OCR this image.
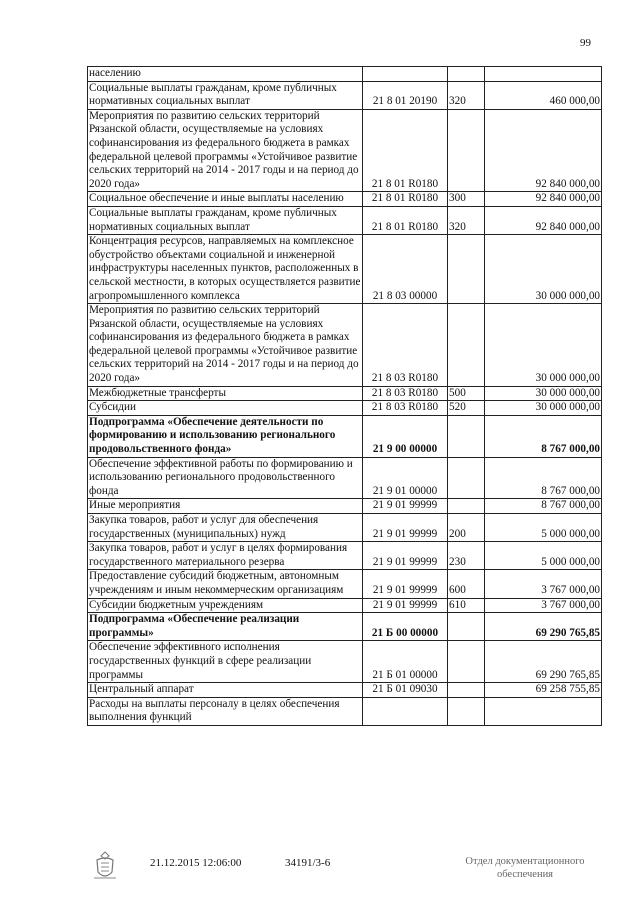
99
населению			
Социальные выплаты гражданам, кроме публичных нормативных социальных выплат	21 8 01 20190	320	460 000,00
Мероприятия по развитию сельских территорий Рязанской области, осуществляемые на условиях софинансирования из федерального бюджета в рамках федеральной целевой программы «Устойчивое развитие сельских территорий на 2014 - 2017 годы и на период до 2020 года»	21 8 01 R0180		92 840 000,00
Социальное обеспечение и иные выплаты населению	21 8 01 R0180	300	92 840 000,00
Социальные выплаты гражданам, кроме публичных нормативных социальных выплат	21 8 01 R0180	320	92 840 000,00
Концентрация ресурсов, направляемых на комплексное обустройство объектами социальной и инженерной инфраструктуры населенных пунктов, расположенных в сельской местности, в которых осуществляется развитие агропромышленного комплекса	21 8 03 00000		30 000 000,00
Мероприятия по развитию сельских территорий Рязанской области, осуществляемые на условиях софинансирования из федерального бюджета в рамках федеральной целевой программы «Устойчивое развитие сельских территорий на 2014 - 2017 годы и на период до 2020 года»	21 8 03 R0180		30 000 000,00
Межбюджетные трансферты	21 8 03 R0180	500	30 000 000,00
Субсидии	21 8 03 R0180	520	30 000 000,00
Подпрограмма «Обеспечение деятельности по формированию и использованию регионального продовольственного фонда»	21 9 00 00000		8 767 000,00
Обеспечение эффективной работы по формированию и использованию регионального продовольственного фонда	21 9 01 00000		8 767 000,00
Иные мероприятия	21 9 01 99999		8 767 000,00
Закупка товаров, работ и услуг для обеспечения государственных (муниципальных) нужд	21 9 01 99999	200	5 000 000,00
Закупка товаров, работ и услуг в целях формирования государственного материального резерва	21 9 01 99999	230	5 000 000,00
Предоставление субсидий бюджетным, автономным учреждениям и иным некоммерческим организациям	21 9 01 99999	600	3 767 000,00
Субсидии бюджетным учреждениям	21 9 01 99999	610	3 767 000,00
Подпрограмма «Обеспечение реализации программы»	21 Б 00 00000		69 290 765,85
Обеспечение эффективного исполнения государственных функций в сфере реализации программы	21 Б 01 00000		69 290 765,85
Центральный аппарат	21 Б 01 09030		69 258 755,85
Расходы на выплаты персоналу в целях обеспечения выполнения функций			
21.12.2015 12:06:00	34191/3-6	Отдел документационного
обеспечения
